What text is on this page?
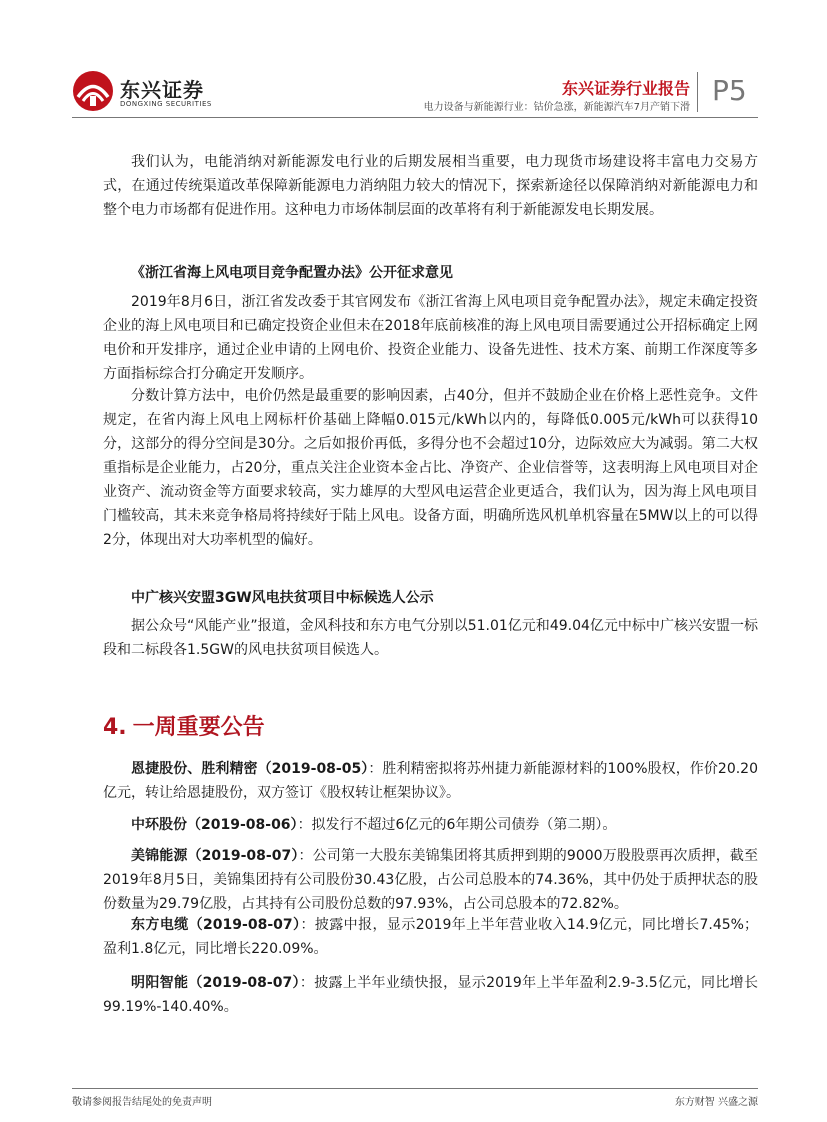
东兴证券
DONGXING SECURITIES
东兴证券行业报告
电力设备与新能源行业：钴价急涨，新能源汽车7月产销下滑
P5

我们认为，电能消纳对新能源发电行业的后期发展相当重要，电力现货市场建设将丰富电力交易方式，在通过传统渠道改革保障新能源电力消纳阻力较大的情况下，探索新途径以保障消纳对新能源电力和整个电力市场都有促进作用。这种电力市场体制层面的改革将有利于新能源发电长期发展。

《浙江省海上风电项目竞争配置办法》公开征求意见

2019年8月6日，浙江省发改委于其官网发布《浙江省海上风电项目竞争配置办法》，规定未确定投资企业的海上风电项目和已确定投资企业但未在2018年底前核准的海上风电项目需要通过公开招标确定上网电价和开发排序，通过企业申请的上网电价、投资企业能力、设备先进性、技术方案、前期工作深度等多方面指标综合打分确定开发顺序。

分数计算方法中，电价仍然是最重要的影响因素，占40分，但并不鼓励企业在价格上恶性竞争。文件规定，在省内海上风电上网标杆价基础上降幅0.015元/kWh以内的，每降低0.005元/kWh可以获得10分，这部分的得分空间是30分。之后如报价再低，多得分也不会超过10分，边际效应大为减弱。第二大权重指标是企业能力，占20分，重点关注企业资本金占比、净资产、企业信誉等，这表明海上风电项目对企业资产、流动资金等方面要求较高，实力雄厚的大型风电运营企业更适合，我们认为，因为海上风电项目门槛较高，其未来竞争格局将持续好于陆上风电。设备方面，明确所选风机单机容量在5MW以上的可以得2分，体现出对大功率机型的偏好。

中广核兴安盟3GW风电扶贫项目中标候选人公示

据公众号“风能产业”报道，金风科技和东方电气分别以51.01亿元和49.04亿元中标中广核兴安盟一标段和二标段各1.5GW的风电扶贫项目候选人。

4. 一周重要公告

恩捷股份、胜利精密（2019-08-05）：胜利精密拟将苏州捷力新能源材料的100%股权，作价20.20亿元，转让给恩捷股份，双方签订《股权转让框架协议》。

中环股份（2019-08-06）：拟发行不超过6亿元的6年期公司债券（第二期）。

美锦能源（2019-08-07）：公司第一大股东美锦集团将其质押到期的9000万股股票再次质押，截至2019年8月5日，美锦集团持有公司股份30.43亿股，占公司总股本的74.36%，其中仍处于质押状态的股份数量为29.79亿股，占其持有公司股份总数的97.93%，占公司总股本的72.82%。

东方电缆（2019-08-07）：披露中报，显示2019年上半年营业收入14.9亿元，同比增长7.45%；盈利1.8亿元，同比增长220.09%。

明阳智能（2019-08-07）：披露上半年业绩快报，显示2019年上半年盈利2.9-3.5亿元，同比增长99.19%-140.40%。

敬请参阅报告结尾处的免责声明	东方财智 兴盛之源
